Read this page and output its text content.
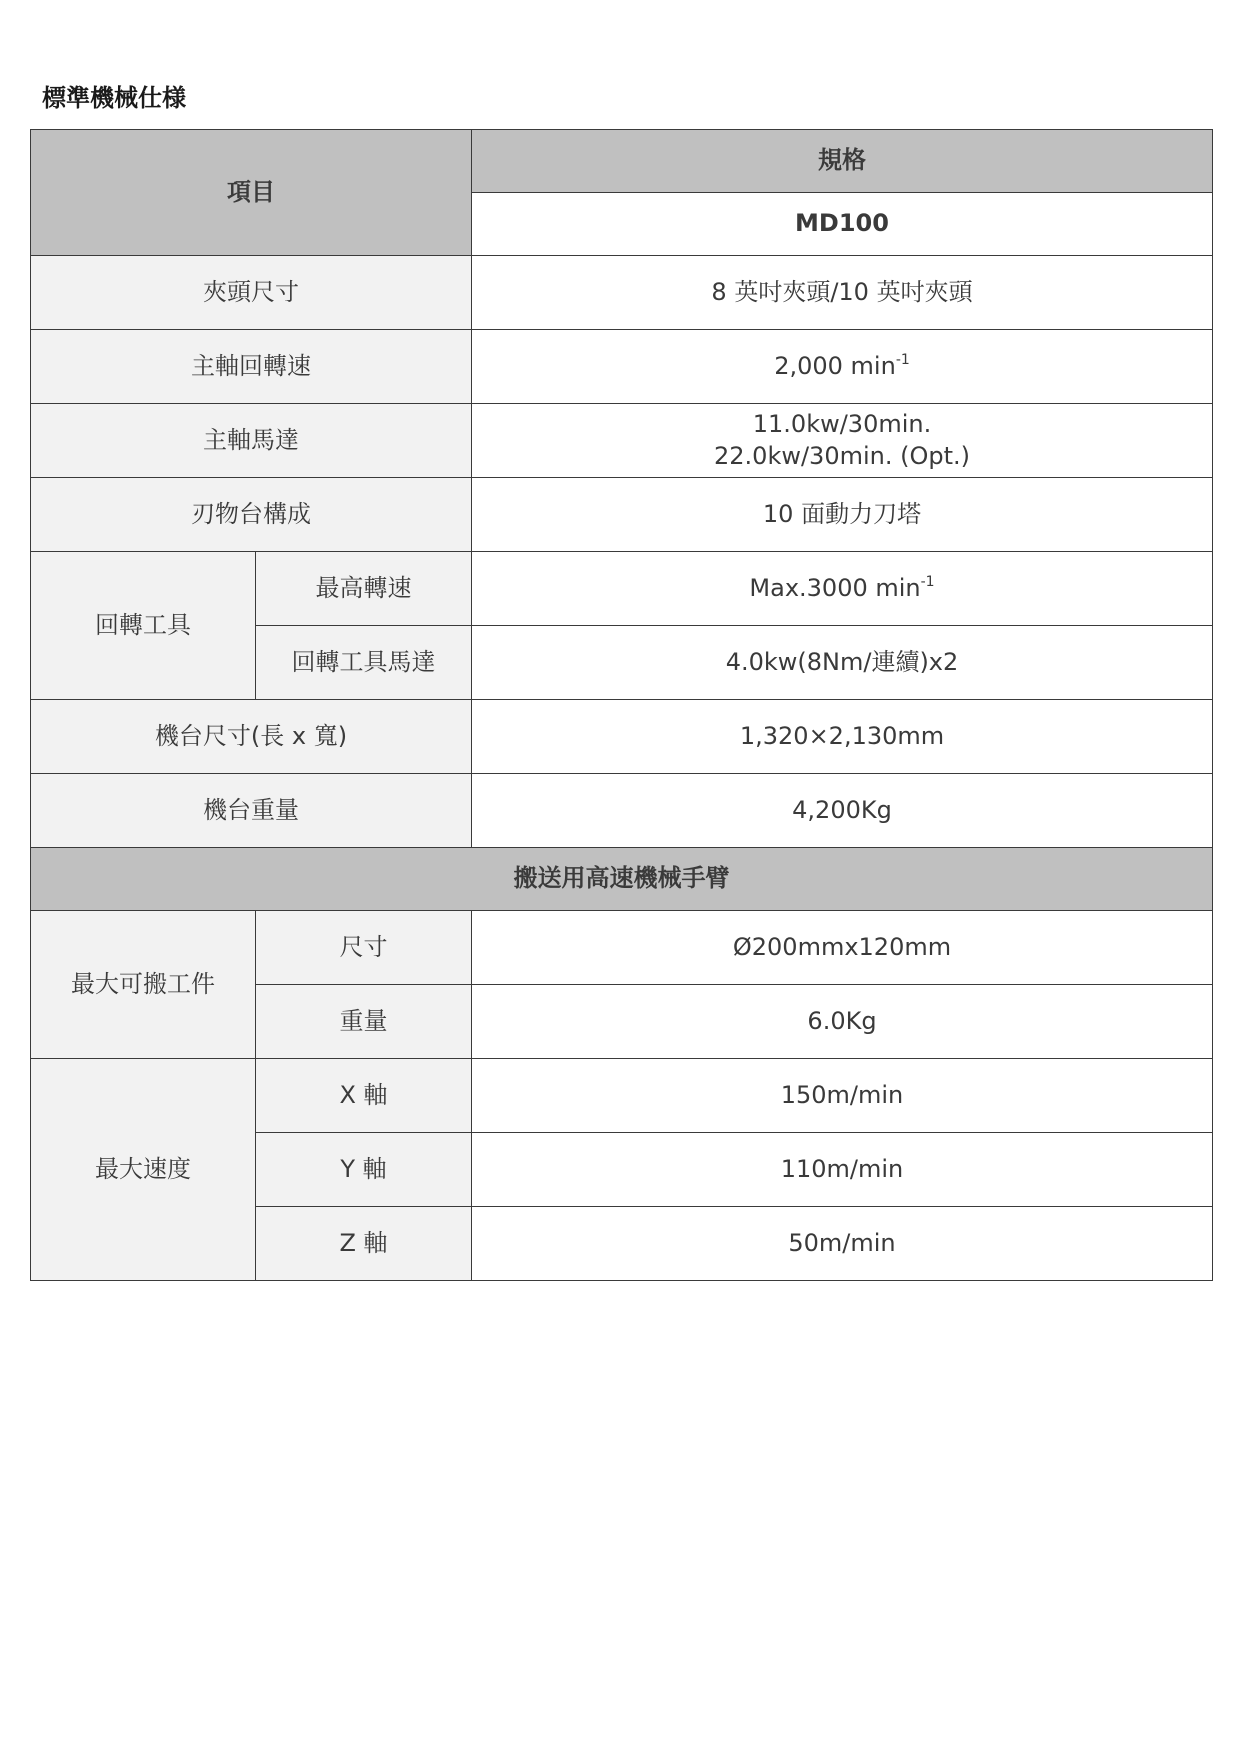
標準機械仕様
項目		規格
		MD100
夾頭尺寸		8 英吋夾頭/10 英吋夾頭
主軸回轉速		2,000 $\min^{-1}$
主軸馬達		11.0kw/30min.
22.0kw/30min. (Opt.)

刃物台構成		10 面動力刀塔
回轉工具	最高轉速	Max.3000 $\min^{-1}$
	回轉工具馬達	4.0kw(8Nm/連續)x2
機台尺寸(長 x 寬)		1,320×2,130mm
機台重量		4,200Kg
搬送用高速機械手臂		
最大可搬工件	尺寸	Ø200mmx120mm
	重量	6.0Kg
最大速度	X 軸	150m/min
	Y 軸	110m/min
	Z 軸	50m/min
